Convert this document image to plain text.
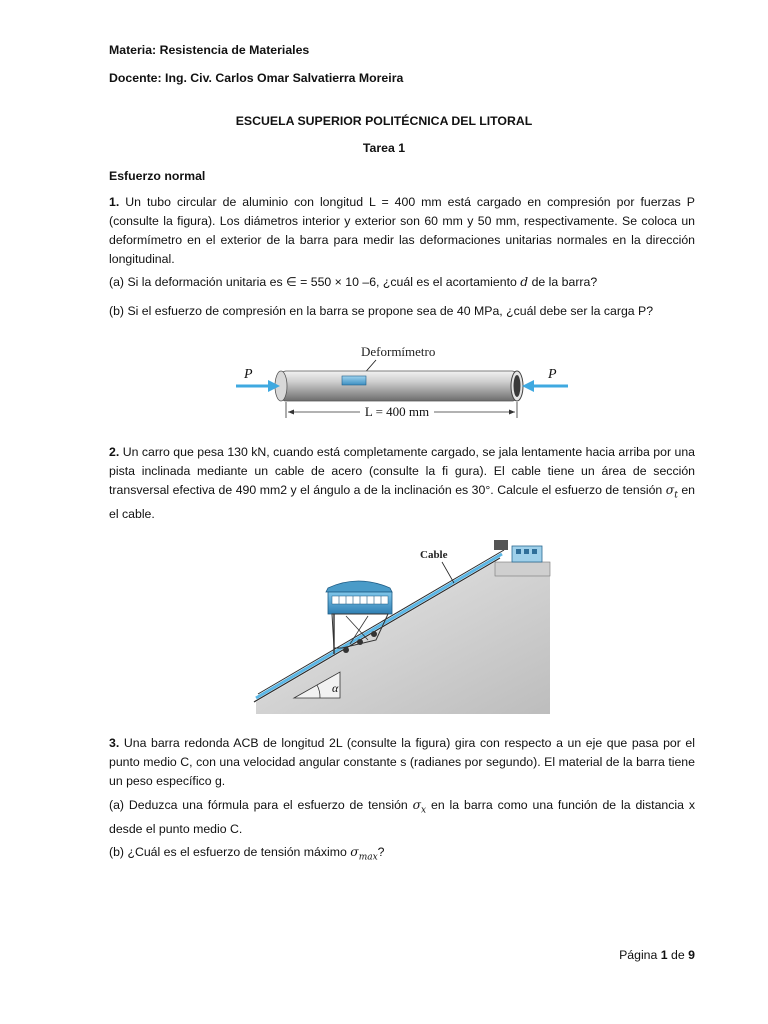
Materia: Resistencia de Materiales
Docente: Ing. Civ. Carlos Omar Salvatierra Moreira
ESCUELA SUPERIOR POLITÉCNICA DEL LITORAL
Tarea 1
Esfuerzo normal
1. Un tubo circular de aluminio con longitud L = 400 mm está cargado en compresión por fuerzas P (consulte la figura). Los diámetros interior y exterior son 60 mm y 50 mm, respectivamente. Se coloca un deformímetro en el exterior de la barra para medir las deformaciones unitarias normales en la dirección longitudinal.
(a) Si la deformación unitaria es ∈ = 550 × 10 –6, ¿cuál es el acortamiento d de la barra?
(b) Si el esfuerzo de compresión en la barra se propone sea de 40 MPa, ¿cuál debe ser la carga P?
Deformímetro
P	P
L = 400 mm
2. Un carro que pesa 130 kN, cuando está completamente cargado, se jala lentamente hacia arriba por una pista inclinada mediante un cable de acero (consulte la fi gura). El cable tiene un área de sección transversal efectiva de 490 mm2 y el ángulo a de la inclinación es 30°. Calcule el esfuerzo de tensión $\sigma_t$ en el cable.
Cable
α
3. Una barra redonda ACB de longitud 2L (consulte la figura) gira con respecto a un eje que pasa por el punto medio C, con una velocidad angular constante s (radianes por segundo). El material de la barra tiene un peso específico g.
(a) Deduzca una fórmula para el esfuerzo de tensión $\sigma_x$ en la barra como una función de la distancia x desde el punto medio C.
(b) ¿Cuál es el esfuerzo de tensión máximo $\sigma_{max}$?
Página 1 de 9
